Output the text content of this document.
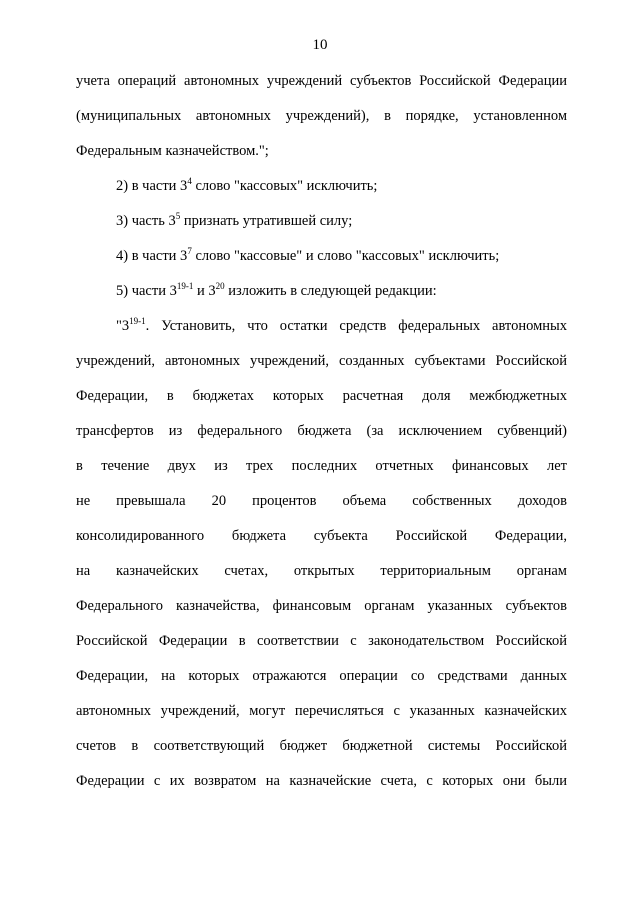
10
учета операций автономных учреждений субъектов Российской Федерации
(муниципальных автономных учреждений), в порядке, установленном
Федеральным казначейством.";
2) в части $3^4$ слово "кассовых" исключить;
3) часть $3^5$ признать утратившей силу;
4) в части $3^7$ слово "кассовые" и слово "кассовых" исключить;
5) части 3$^{19-1}$ и $3^{20}$ изложить в следующей редакции:
"3$^{19-1}$. Установить, что остатки средств федеральных автономных
учреждений, автономных учреждений, созданных субъектами Российской
Федерации, в бюджетах которых расчетная доля межбюджетных
трансфертов из федерального бюджета (за исключением субвенций)
в течение двух из трех последних отчетных финансовых лет
не превышала 20 процентов объема собственных доходов
консолидированного бюджета субъекта Российской Федерации,
на казначейских счетах, открытых территориальным органам
Федерального казначейства, финансовым органам указанных субъектов
Российской Федерации в соответствии с законодательством Российской
Федерации, на которых отражаются операции со средствами данных
автономных учреждений, могут перечисляться с указанных казначейских
счетов в соответствующий бюджет бюджетной системы Российской
Федерации с их возвратом на казначейские счета, с которых они были
